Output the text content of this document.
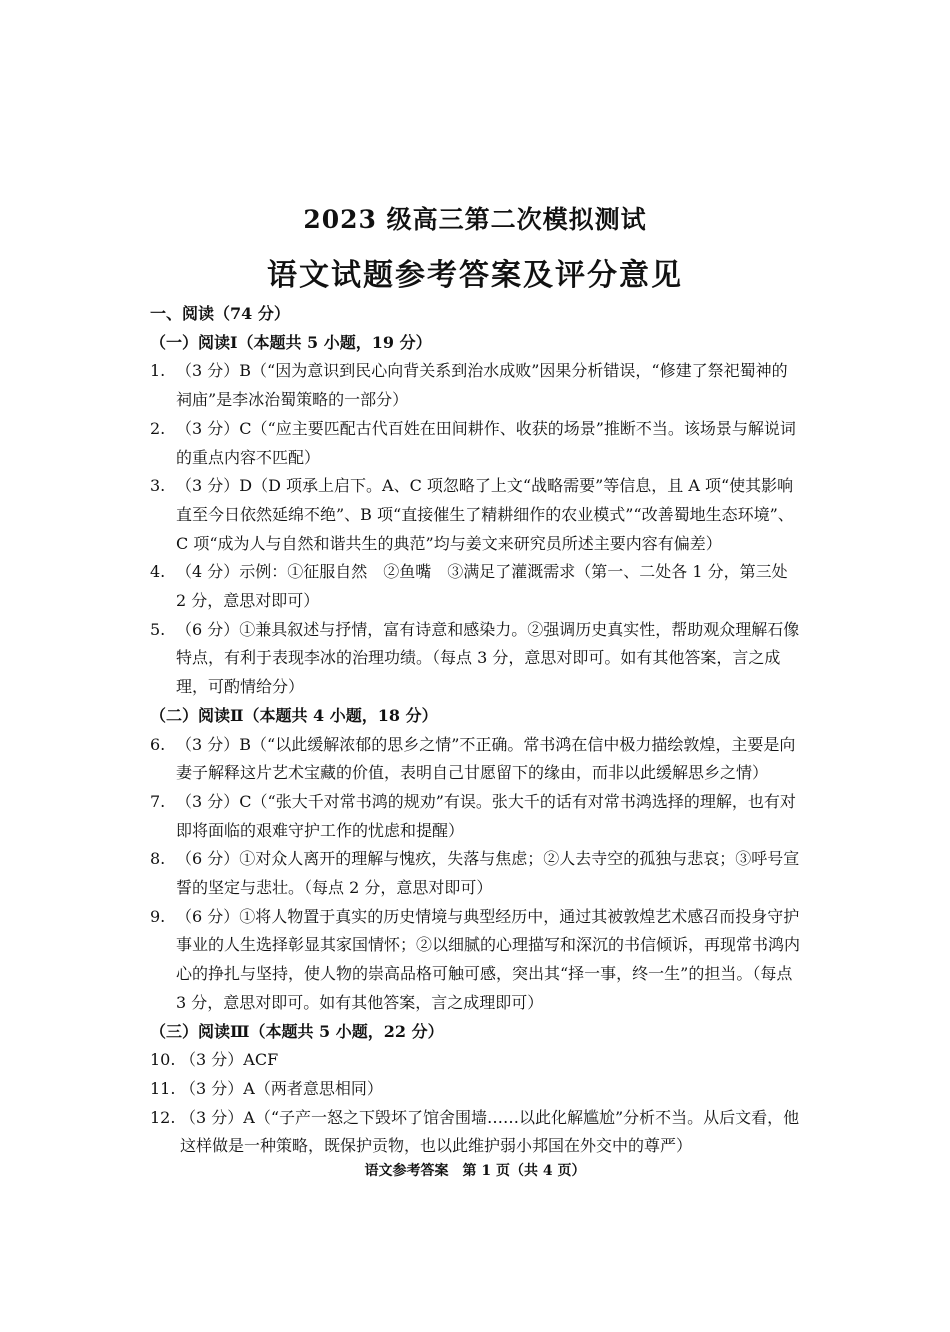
2023 级高三第二次模拟测试
语文试题参考答案及评分意见

一、阅读（74 分）

（一）阅读Ⅰ（本题共 5 小题，19 分）

1. （3 分）B（“因为意识到民心向背关系到治水成败”因果分析错误，“修建了祭祀蜀神的祠庙”是李冰治蜀策略的一部分）
2. （3 分）C（“应主要匹配古代百姓在田间耕作、收获的场景”推断不当。该场景与解说词的重点内容不匹配）
3. （3 分）D（D 项承上启下。A、C 项忽略了上文“战略需要”等信息，且 A 项“使其影响直至今日依然延绵不绝”、B 项“直接催生了精耕细作的农业模式”“改善蜀地生态环境”、C 项“成为人与自然和谐共生的典范”均与姜文来研究员所述主要内容有偏差）
4. （4 分）示例：①征服自然　②鱼嘴　③满足了灌溉需求（第一、二处各 1 分，第三处 2 分，意思对即可）
5. （6 分）①兼具叙述与抒情，富有诗意和感染力。②强调历史真实性，帮助观众理解石像特点，有利于表现李冰的治理功绩。（每点 3 分，意思对即可。如有其他答案，言之成理，可酌情给分）

（二）阅读Ⅱ（本题共 4 小题，18 分）

6. （3 分）B（“以此缓解浓郁的思乡之情”不正确。常书鸿在信中极力描绘敦煌，主要是向妻子解释这片艺术宝藏的价值，表明自己甘愿留下的缘由，而非以此缓解思乡之情）
7. （3 分）C（“张大千对常书鸿的规劝”有误。张大千的话有对常书鸿选择的理解，也有对即将面临的艰难守护工作的忧虑和提醒）
8. （6 分）①对众人离开的理解与愧疚，失落与焦虑；②人去寺空的孤独与悲哀；③呼号宣誓的坚定与悲壮。（每点 2 分，意思对即可）
9. （6 分）①将人物置于真实的历史情境与典型经历中，通过其被敦煌艺术感召而投身守护事业的人生选择彰显其家国情怀；②以细腻的心理描写和深沉的书信倾诉，再现常书鸿内心的挣扎与坚持，使人物的崇高品格可触可感，突出其“择一事，终一生”的担当。（每点 3 分，意思对即可。如有其他答案，言之成理即可）

（三）阅读Ⅲ（本题共 5 小题，22 分）

10. （3 分）ACF
11. （3 分）A（两者意思相同）
12. （3 分）A（“子产一怒之下毁坏了馆舍围墙……以此化解尴尬”分析不当。从后文看，他这样做是一种策略，既保护贡物，也以此维护弱小邦国在外交中的尊严）
语文参考答案　第 1 页（共 4 页）
